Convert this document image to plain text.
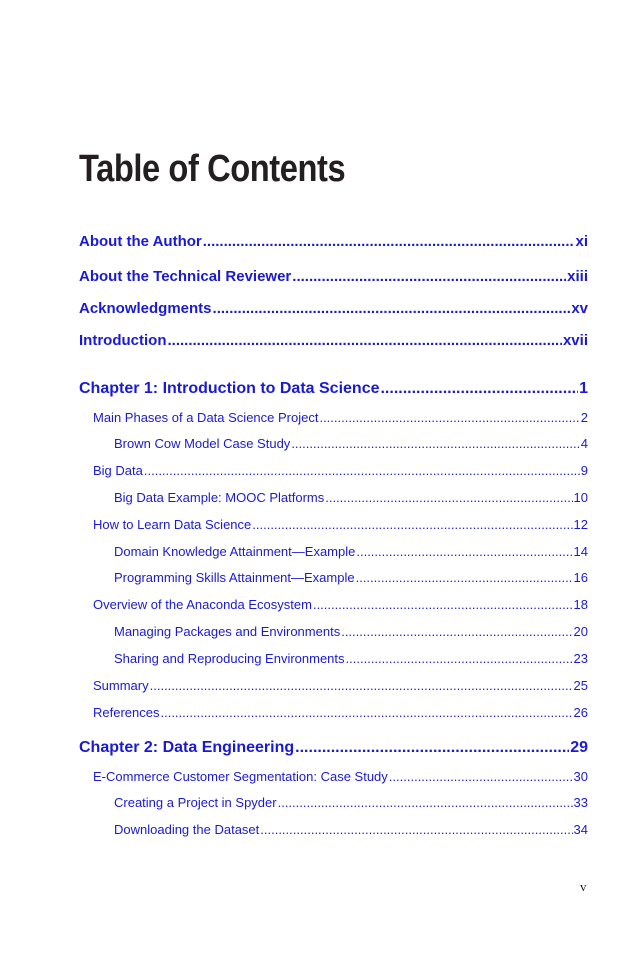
Table of Contents
About the Author .....	xi
About the Technical Reviewer .....	xiii
Acknowledgments .....	xv
Introduction .....	xvii
Chapter 1: Introduction to Data Science .....	1
Main Phases of a Data Science Project .....	2
Brown Cow Model Case Study .....	4
Big Data .....	9
Big Data Example: MOOC Platforms .....	10
How to Learn Data Science .....	12
Domain Knowledge Attainment—Example .....	14
Programming Skills Attainment—Example .....	16
Overview of the Anaconda Ecosystem .....	18
Managing Packages and Environments .....	20
Sharing and Reproducing Environments .....	23
Summary .....	25
References .....	26
Chapter 2: Data Engineering .....	29
E-Commerce Customer Segmentation: Case Study .....	30
Creating a Project in Spyder .....	33
Downloading the Dataset .....	34
v
